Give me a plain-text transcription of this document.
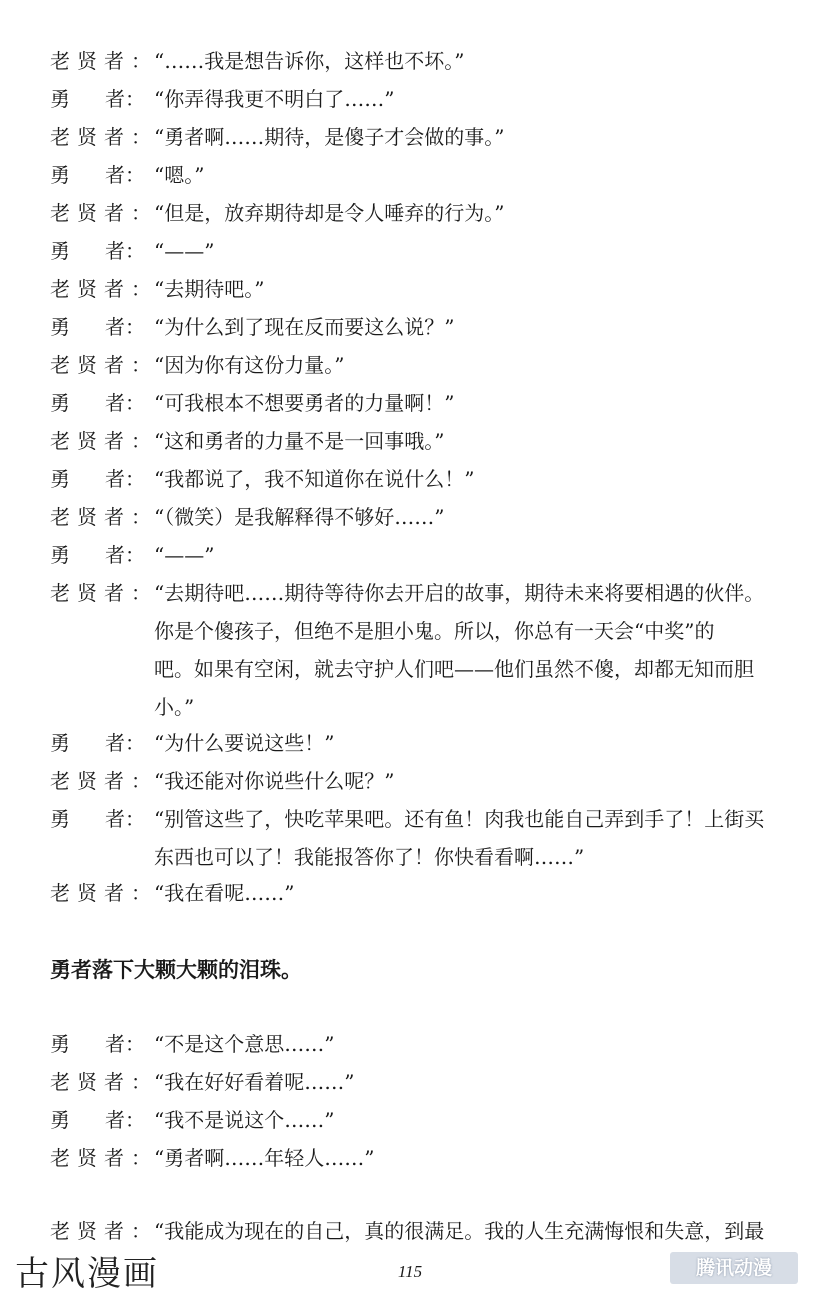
老贤者：
“……我是想告诉你，这样也不坏。”
勇 者： “你弄得我更不明白了……”
老贤者：
“勇者啊……期待，是傻子才会做的事。”
勇 者： “嗯。”
老贤者：
“但是，放弃期待却是令人唾弃的行为。”
勇 者： “——”
老贤者：
“去期待吧。”
勇 者： “为什么到了现在反而要这么说？”
老贤者：
“因为你有这份力量。”
勇 者： “可我根本不想要勇者的力量啊！”
老贤者：
“这和勇者的力量不是一回事哦。”
勇 者： “我都说了，我不知道你在说什么！”
老贤者：
“（微笑）是我解释得不够好……”
勇 者： “——”
老贤者：
“去期待吧……期待等待你去开启的故事，期待未来将要相遇的伙伴。
你是个傻孩子，但绝不是胆小鬼。所以，你总有一天会“中奖”的
吧。如果有空闲，就去守护人们吧——他们虽然不傻，却都无知而胆
小。”
勇 者： “为什么要说这些！”
老贤者：
“我还能对你说些什么呢？”
勇 者： “别管这些了，快吃苹果吧。还有鱼！肉我也能自己弄到手了！上街买
东西也可以了！我能报答你了！你快看看啊……”
老贤者：
“我在看呢……”
勇者落下大颗大颗的泪珠。
勇 者： “不是这个意思……”
老贤者：
“我在好好看着呢……”
勇 者： “我不是说这个……”
老贤者：
“勇者啊……年轻人……”
老贤者：
“我能成为现在的自己，真的很满足。我的人生充满悔恨和失意，到最
115
古风漫画	腾讯动漫
